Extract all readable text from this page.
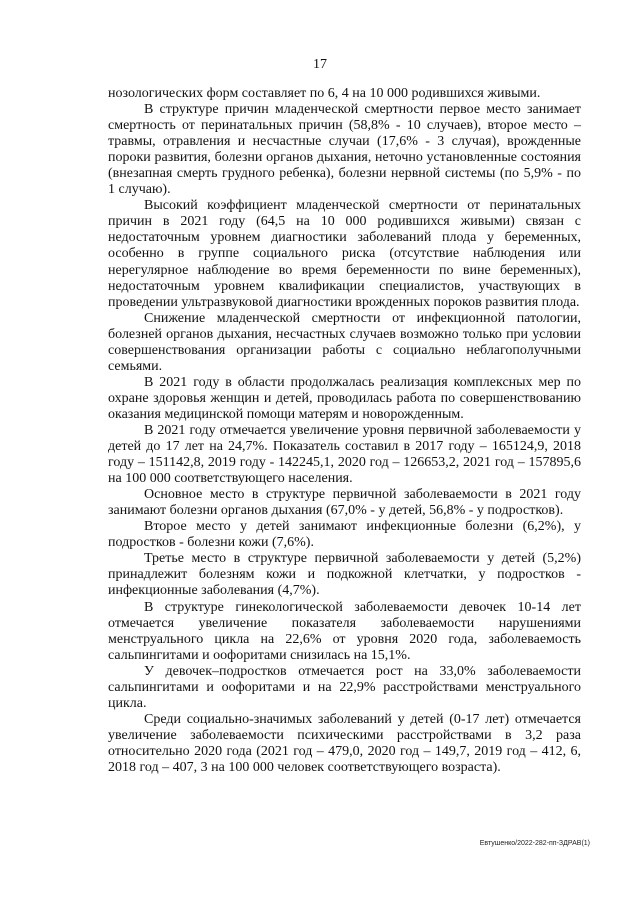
17

нозологических форм составляет по 6, 4 на 10 000 родившихся живыми.

В структуре причин младенческой смертности первое место занимает смертность от перинатальных причин (58,8% - 10 случаев), второе место – травмы, отравления и несчастные случаи (17,6% - 3 случая), врожденные пороки развития, болезни органов дыхания, неточно установленные состояния (внезапная смерть грудного ребенка), болезни нервной системы (по 5,9% - по 1 случаю).

Высокий коэффициент младенческой смертности от перинатальных причин в 2021 году (64,5 на 10 000 родившихся живыми) связан с недостаточным уровнем диагностики заболеваний плода у беременных, особенно в группе социального риска (отсутствие наблюдения или нерегулярное наблюдение во время беременности по вине беременных), недостаточным уровнем квалификации специалистов, участвующих в проведении ультразвуковой диагностики врожденных пороков развития плода.

Снижение младенческой смертности от инфекционной патологии, болезней органов дыхания, несчастных случаев возможно только при условии совершенствования организации работы с социально неблагополучными семьями.

В 2021 году в области продолжалась реализация комплексных мер по охране здоровья женщин и детей, проводилась работа по совершенствованию оказания медицинской помощи матерям и новорожденным.

В 2021 году отмечается увеличение уровня первичной заболеваемости у детей до 17 лет на 24,7%. Показатель составил в 2017 году – 165124,9, 2018 году – 151142,8, 2019 году - 142245,1, 2020 год – 126653,2, 2021 год – 157895,6 на 100 000 соответствующего населения.

Основное место в структуре первичной заболеваемости в 2021 году занимают болезни органов дыхания (67,0% - у детей, 56,8% - у подростков).

Второе место у детей занимают инфекционные болезни (6,2%), у подростков - болезни кожи (7,6%).

Третье место в структуре первичной заболеваемости у детей (5,2%) принадлежит болезням кожи и подкожной клетчатки, у подростков - инфекционные заболевания (4,7%).

В структуре гинекологической заболеваемости девочек 10-14 лет отмечается увеличение показателя заболеваемости нарушениями менструального цикла на 22,6% от уровня 2020 года, заболеваемость сальпингитами и оофоритами снизилась на 15,1%.

У девочек–подростков отмечается рост на 33,0% заболеваемости сальпингитами и оофоритами и на 22,9% расстройствами менструального цикла.

Среди социально-значимых заболеваний у детей (0-17 лет) отмечается увеличение заболеваемости психическими расстройствами в 3,2 раза относительно 2020 года (2021 год – 479,0, 2020 год – 149,7, 2019 год – 412, 6, 2018 год – 407, 3 на 100 000 человек соответствующего возраста).

Евтушенко/2022-282-пп-ЗДРАВ(1)
